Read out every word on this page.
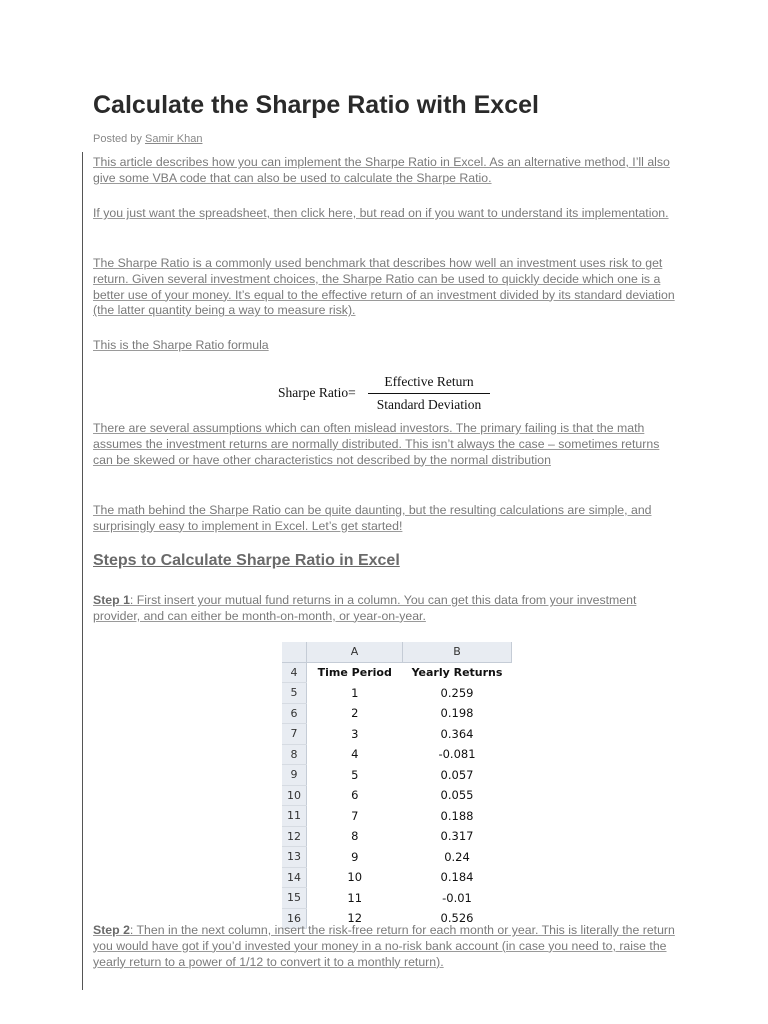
Calculate the Sharpe Ratio with Excel
Posted by Samir Khan

This article describes how you can implement the Sharpe Ratio in Excel. As an alternative method, I’ll also give some VBA code that can also be used to calculate the Sharpe Ratio.

If you just want the spreadsheet, then click here, but read on if you want to understand its implementation.

The Sharpe Ratio is a commonly used benchmark that describes how well an investment uses risk to get return. Given several investment choices, the Sharpe Ratio can be used to quickly decide which one is a better use of your money. It’s equal to the effective return of an investment divided by its standard deviation (the latter quantity being a way to measure risk).

This is the Sharpe Ratio formula

Sharpe Ratio=
Effective Return
Standard Deviation

There are several assumptions which can often mislead investors. The primary failing is that the math assumes the investment returns are normally distributed. This isn’t always the case – sometimes returns can be skewed or have other characteristics not described by the normal distribution

The math behind the Sharpe Ratio can be quite daunting, but the resulting calculations are simple, and surprisingly easy to implement in Excel. Let’s get started!

Steps to Calculate Sharpe Ratio in Excel

Step 1: First insert your mutual fund returns in a column. You can get this data from your investment provider, and can either be month-on-month, or year-on-year.

	A	B
4	Time Period	Yearly Returns
5	1	0.259
6	2	0.198
7	3	0.364
8	4	-0.081
9	5	0.057
10	6	0.055
11	7	0.188
12	8	0.317
13	9	0.24
14	10	0.184
15	11	-0.01
16	12	0.526

Step 2: Then in the next column, insert the risk-free return for each month or year. This is literally the return you would have got if you’d invested your money in a no-risk bank account (in case you need to, raise the yearly return to a power of 1/12 to convert it to a monthly return).
